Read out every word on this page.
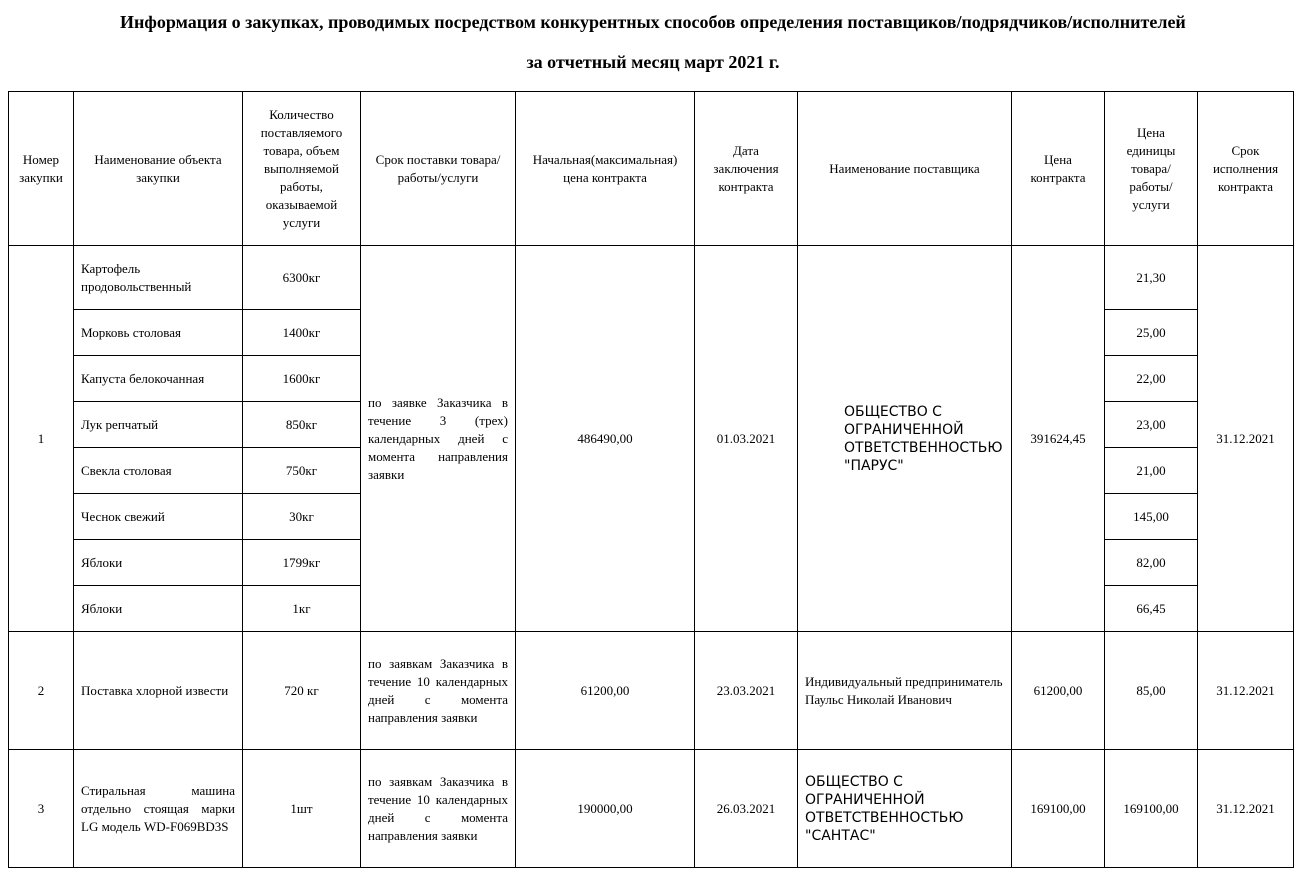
Информация о закупках, проводимых посредством конкурентных способов определения поставщиков/подрядчиков/исполнителей
за отчетный месяц март 2021 г.
Номер закупки	Наименование объекта закупки	Количество поставляемого товара, объем выполняемой работы, оказываемой услуги	Срок поставки товара/работы/услуги	Начальная(максимальная) цена контракта	Дата заключения контракта	Наименование поставщика	Цена контракта	Цена единицы товара/ работы/ услуги	Срок исполнения контракта
1	Картофель продовольственный	6300кг	по заявке Заказчика в течение 3 (трех) календарных дней с момента направления заявки	486490,00	01.03.2021	ОБЩЕСТВО С ОГРАНИЧЕННОЙ ОТВЕТСТВЕННОСТЬЮ "ПАРУС"	391624,45	21,30	31.12.2021
	Морковь столовая	1400кг						25,00	
	Капуста белокочанная	1600кг						22,00	
	Лук репчатый	850кг						23,00	
	Свекла столовая	750кг						21,00	
	Чеснок свежий	30кг						145,00	
	Яблоки	1799кг						82,00	
	Яблоки	1кг						66,45	
2	Поставка хлорной извести	720 кг	по заявкам Заказчика в течение 10 календарных дней с момента направления заявки	61200,00	23.03.2021	Индивидуальный предприниматель Паульс Николай Иванович	61200,00	85,00	31.12.2021
3	Стиральная машина отдельно стоящая марки LG модель WD-F069BD3S	1шт	по заявкам Заказчика в течение 10 календарных дней с момента направления заявки	190000,00	26.03.2021	ОБЩЕСТВО С ОГРАНИЧЕННОЙ ОТВЕТСТВЕННОСТЬЮ "САНТАС"	169100,00	169100,00	31.12.2021
